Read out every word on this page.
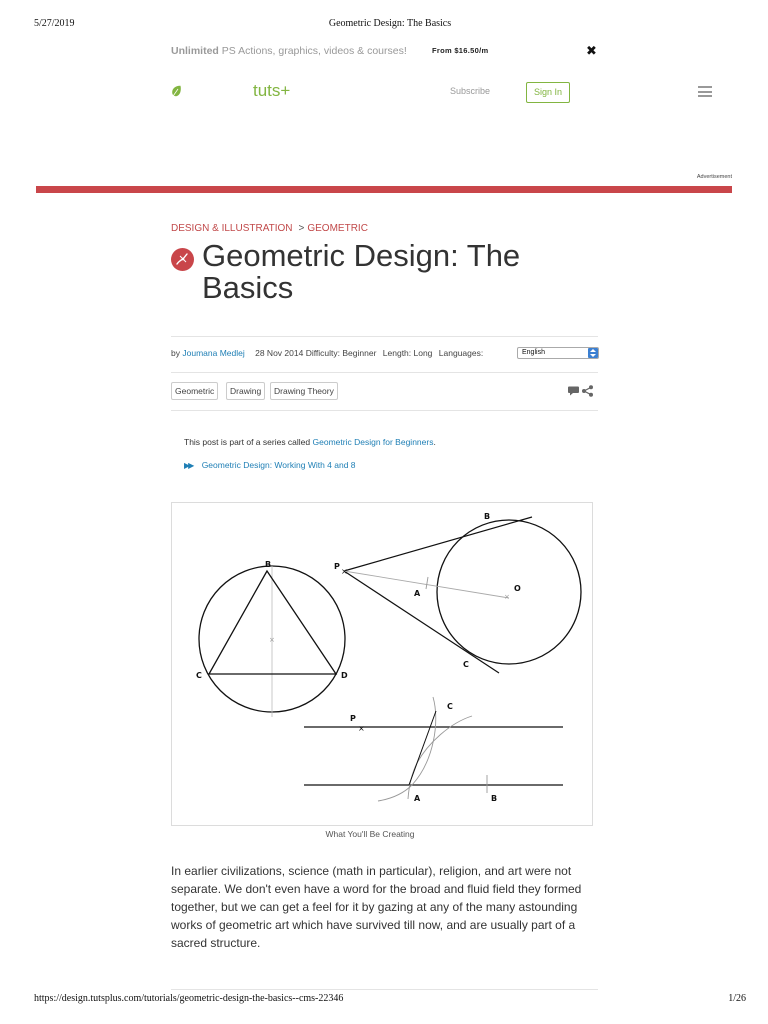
5/27/2019	Geometric Design: The Basics
Unlimited PS Actions, graphics, videos & courses!	From $16.50/m	✖
tuts+	Subscribe	Sign In
Advertisement
DESIGN & ILLUSTRATION > GEOMETRIC
Geometric Design: The Basics
by Joumana Medlej 28 Nov 2014 Difficulty: Beginner Length: Long Languages:	English
Geometric	Drawing	Drawing Theory
This post is part of a series called Geometric Design for Beginners.
▶▶ Geometric Design: Working With 4 and 8
×
B
C	D
×
×
P
A
O
B
C
×
P
C
A	B
What You'll Be Creating

In earlier civilizations, science (math in particular), religion, and art were not separate. We don't even have a word for the broad and fluid field they formed together, but we can get a feel for it by gazing at any of the many astounding works of geometric art which have survived till now, and are usually part of a sacred structure.

https://design.tutsplus.com/tutorials/geometric-design-the-basics--cms-22346	1/26
